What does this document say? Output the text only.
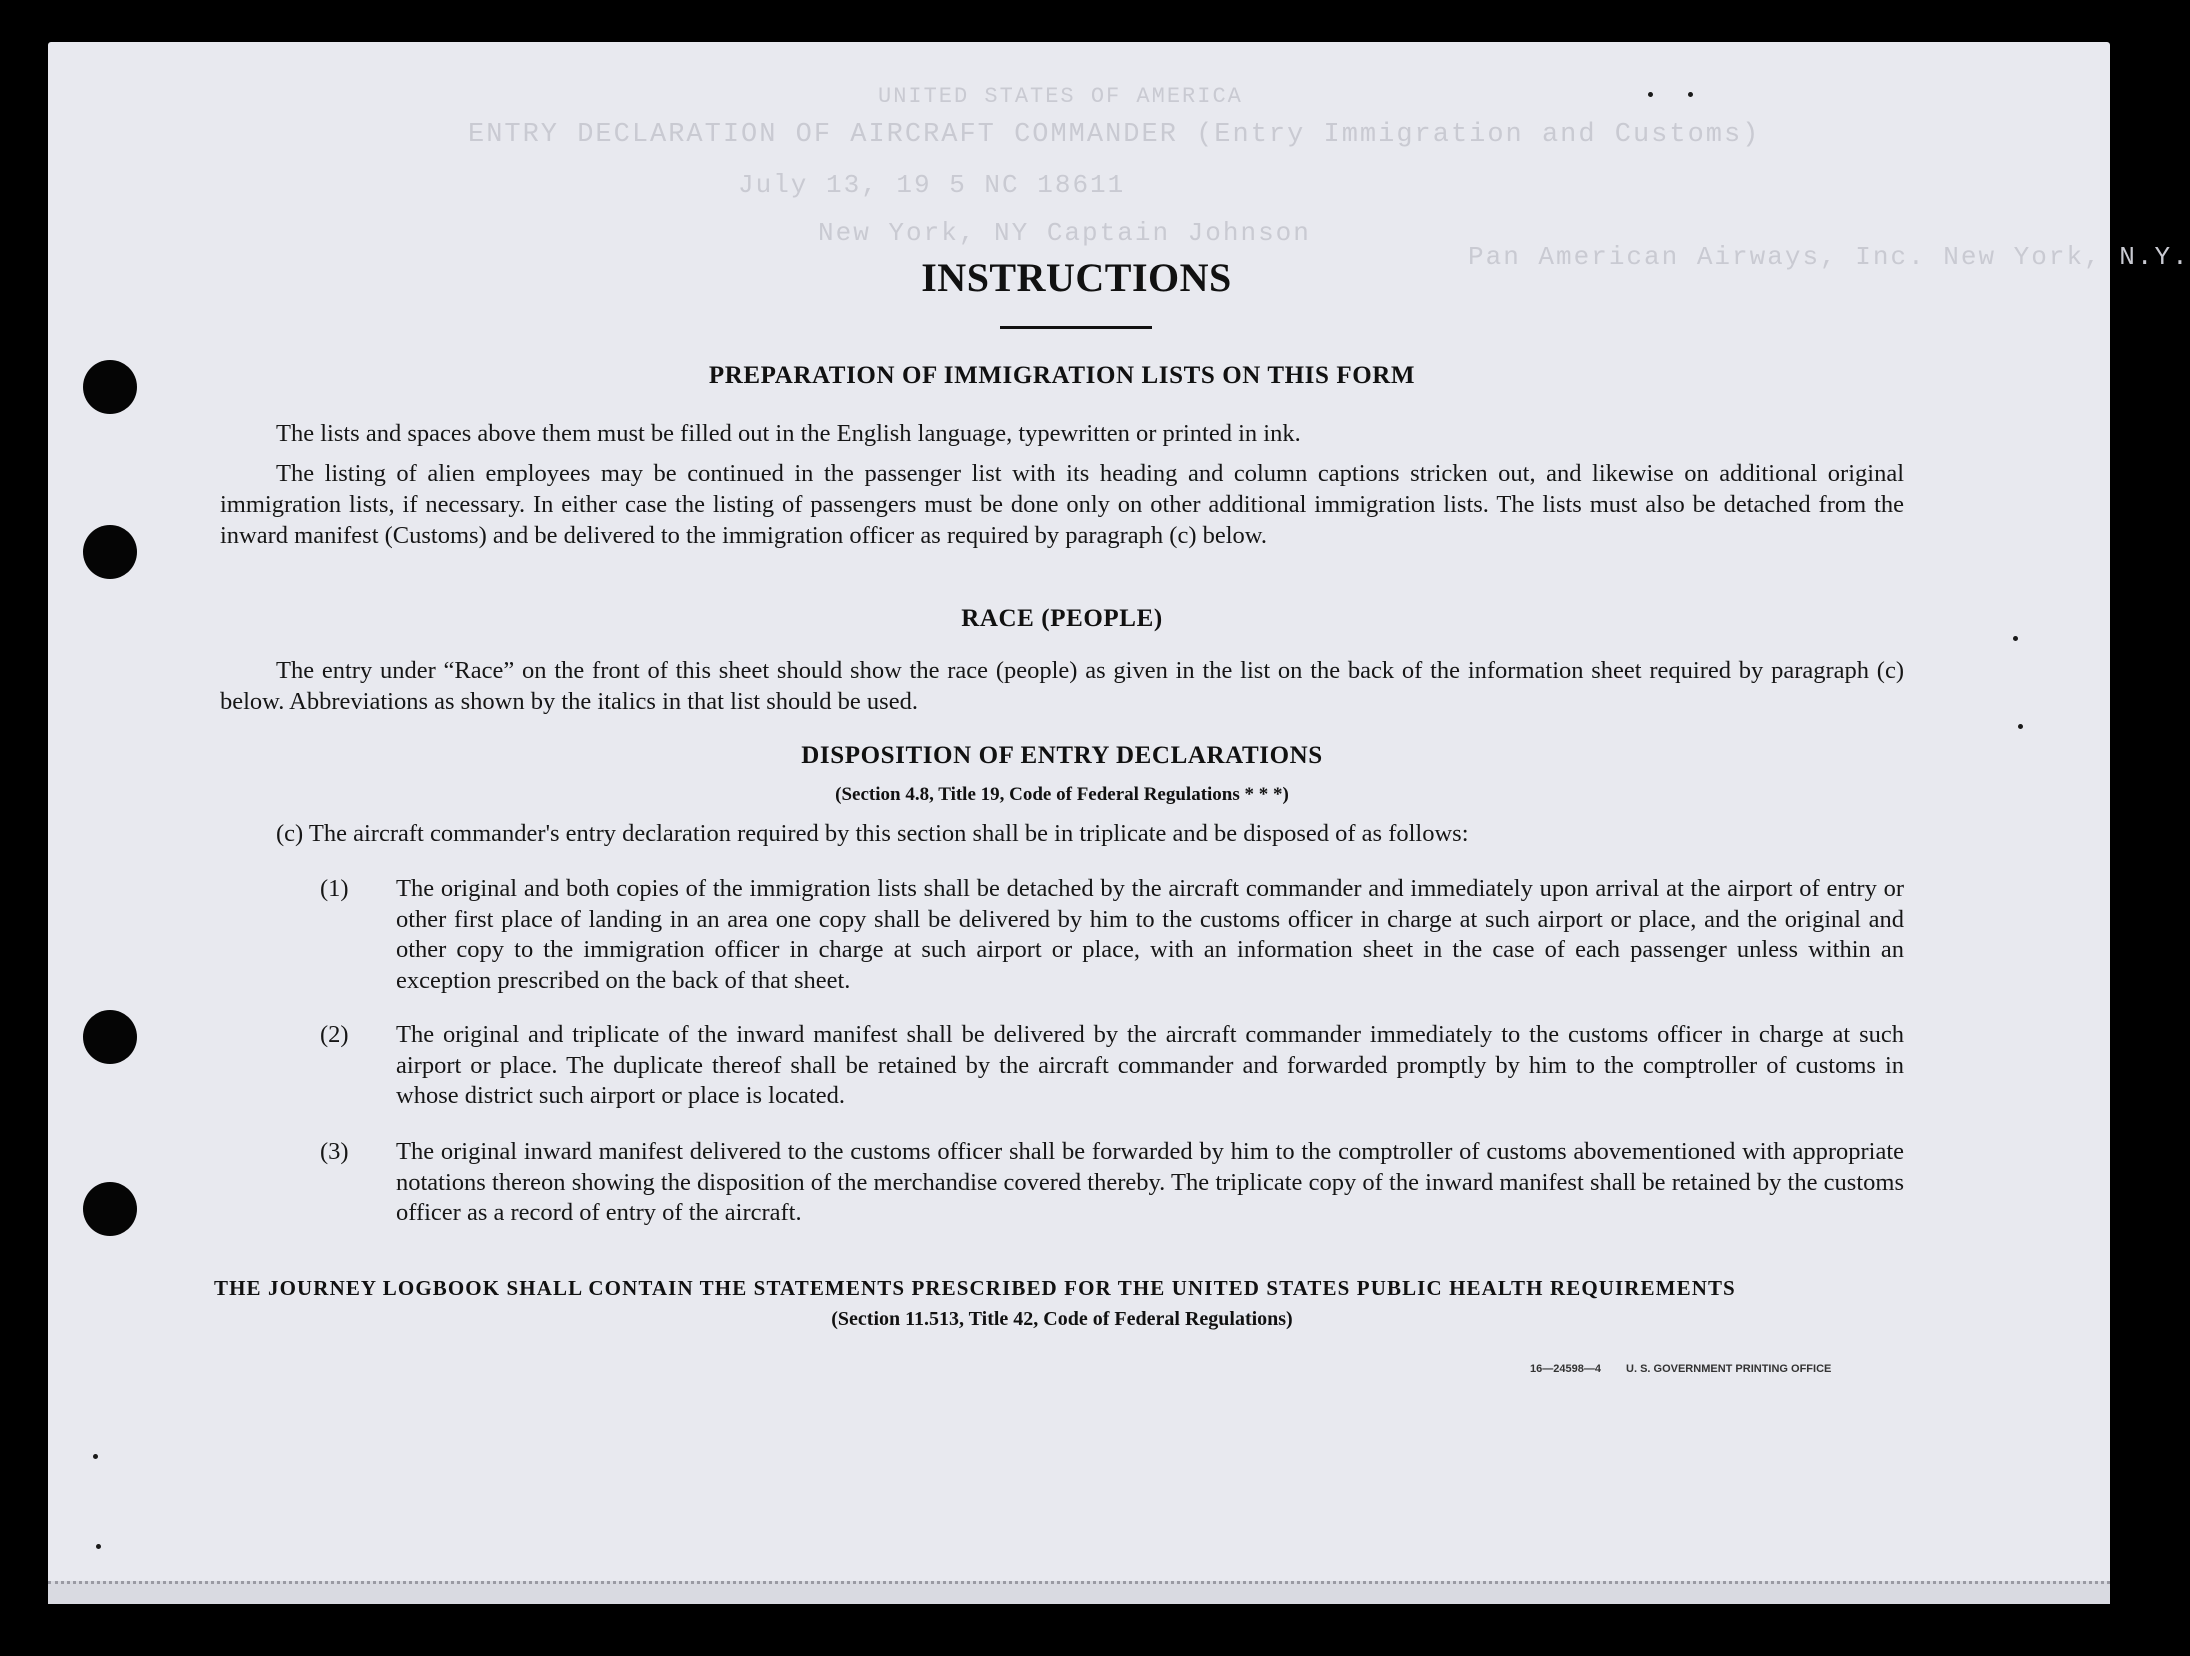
UNITED STATES OF AMERICA
ENTRY DECLARATION OF AIRCRAFT COMMANDER (Entry Immigration and Customs)
July 13, 19 5 NC 18611
New York, NY Captain Johnson
Pan American Airways, Inc. New York, N.Y.
INSTRUCTIONS
PREPARATION OF IMMIGRATION LISTS ON THIS FORM
The lists and spaces above them must be filled out in the English language, typewritten or printed in ink.
The listing of alien employees may be continued in the passenger list with its heading and column captions stricken out, and likewise on additional original immigration lists, if necessary. In either case the listing of passengers must be done only on other additional immigration lists. The lists must also be detached from the inward manifest (Customs) and be delivered to the immigration officer as required by paragraph (c) below.
RACE (PEOPLE)
The entry under “Race” on the front of this sheet should show the race (people) as given in the list on the back of the information sheet required by paragraph (c) below. Abbreviations as shown by the italics in that list should be used.
DISPOSITION OF ENTRY DECLARATIONS
(Section 4.8, Title 19, Code of Federal Regulations * * *)
(c) The aircraft commander's entry declaration required by this section shall be in triplicate and be disposed of as follows:
(1) The original and both copies of the immigration lists shall be detached by the aircraft commander and immediately upon arrival at the airport of entry or other first place of landing in an area one copy shall be delivered by him to the customs officer in charge at such airport or place, and the original and other copy to the immigration officer in charge at such airport or place, with an information sheet in the case of each passenger unless within an exception prescribed on the back of that sheet.
(2) The original and triplicate of the inward manifest shall be delivered by the aircraft commander immediately to the customs officer in charge at such airport or place. The duplicate thereof shall be retained by the aircraft commander and forwarded promptly by him to the comptroller of customs in whose district such airport or place is located.
(3) The original inward manifest delivered to the customs officer shall be forwarded by him to the comptroller of customs abovementioned with appropriate notations thereon showing the disposition of the merchandise covered thereby. The triplicate copy of the inward manifest shall be retained by the customs officer as a record of entry of the aircraft.
THE JOURNEY LOGBOOK SHALL CONTAIN THE STATEMENTS PRESCRIBED FOR THE UNITED STATES PUBLIC HEALTH REQUIREMENTS
(Section 11.513, Title 42, Code of Federal Regulations)
16—24598—4 U. S. GOVERNMENT PRINTING OFFICE
